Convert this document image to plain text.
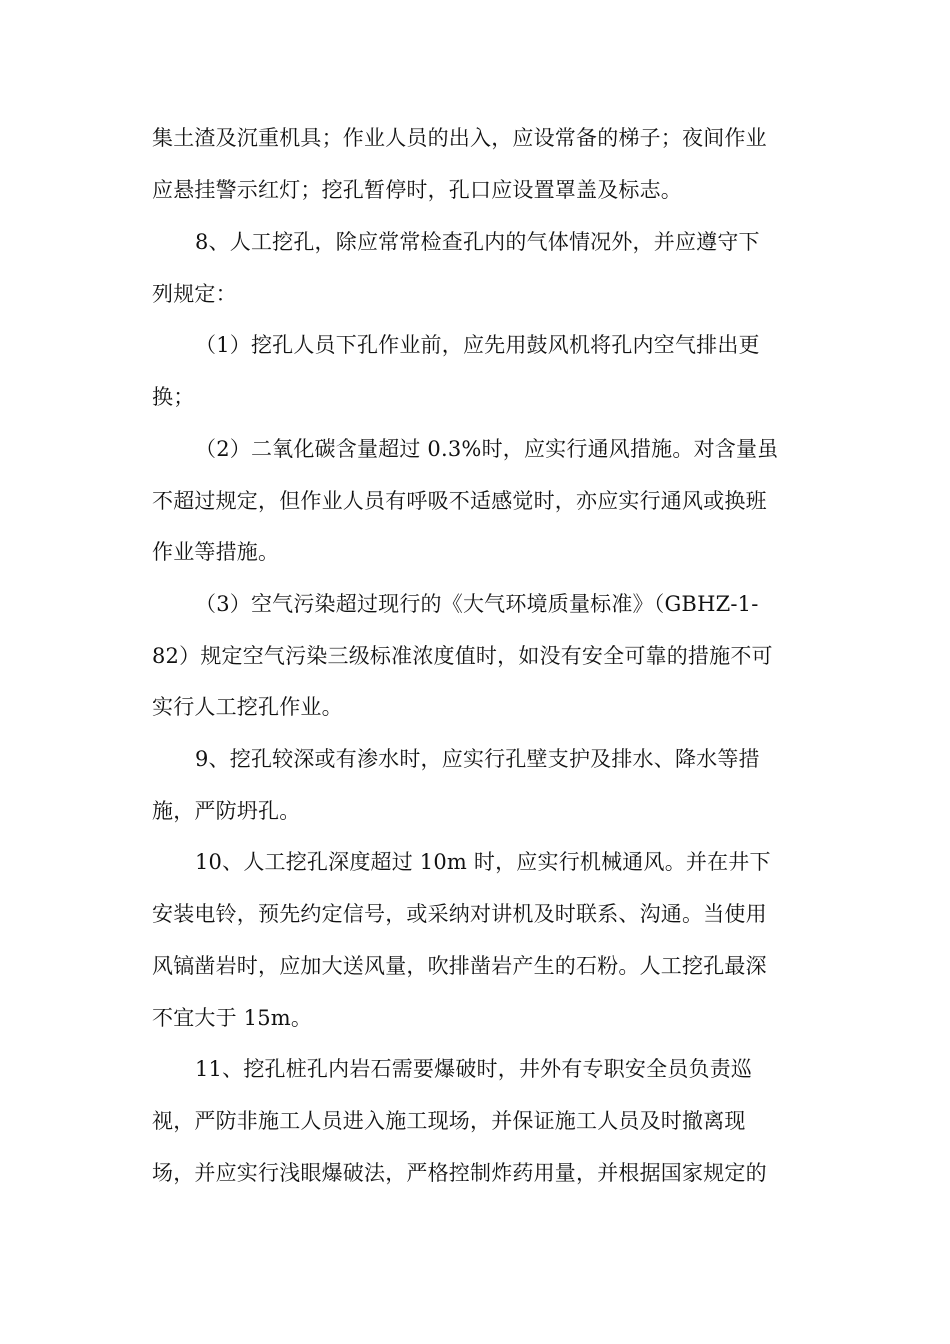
集土渣及沉重机具；作业人员的出入，应设常备的梯子；夜间作业
应悬挂警示红灯；挖孔暂停时，孔口应设置罩盖及标志。
8、人工挖孔，除应常常检查孔内的气体情况外，并应遵守下
列规定：
（1）挖孔人员下孔作业前，应先用鼓风机将孔内空气排出更
换；
（2）二氧化碳含量超过 0.3%时，应实行通风措施。对含量虽
不超过规定，但作业人员有呼吸不适感觉时，亦应实行通风或换班
作业等措施。
（3）空气污染超过现行的《大气环境质量标准》（GBHZ-1-
82）规定空气污染三级标准浓度值时，如没有安全可靠的措施不可
实行人工挖孔作业。
9、挖孔较深或有渗水时，应实行孔壁支护及排水、降水等措
施，严防坍孔。
10、人工挖孔深度超过 10m 时，应实行机械通风。并在井下
安装电铃，预先约定信号，或采纳对讲机及时联系、沟通。当使用
风镐凿岩时，应加大送风量，吹排凿岩产生的石粉。人工挖孔最深
不宜大于 15m。
11、挖孔桩孔内岩石需要爆破时，井外有专职安全员负责巡
视，严防非施工人员进入施工现场，并保证施工人员及时撤离现
场，并应实行浅眼爆破法，严格控制炸药用量，并根据国家规定的
